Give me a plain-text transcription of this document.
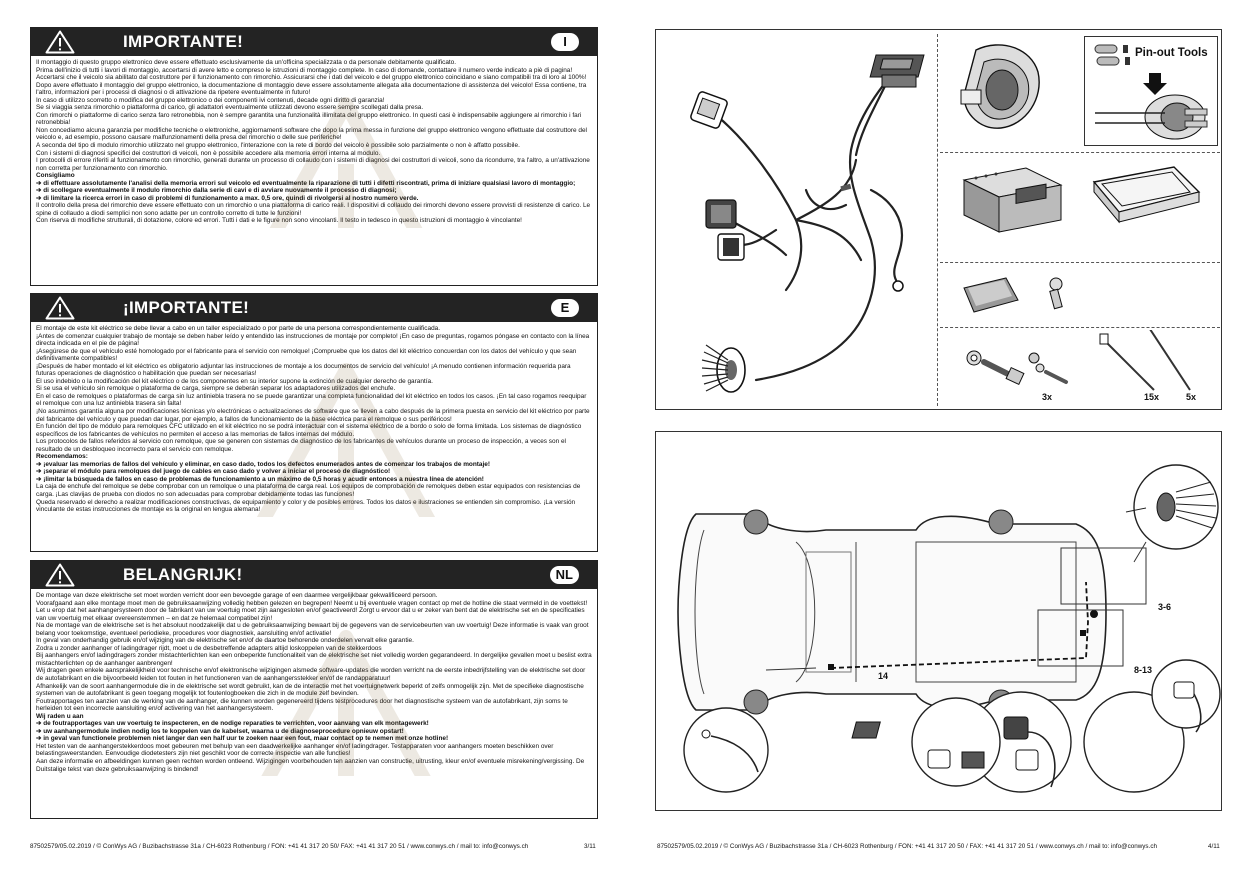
IMPORTANTE!	I

Il montaggio di questo gruppo elettronico deve essere effettuato esclusivamente da un'officina specializzata o da personale debitamente qualificato.

Prima dell'inizio di tutti i lavori di montaggio, accertarsi di avere letto e compreso le istruzioni di montaggio complete. In caso di domande, contattare il numero verde indicato a piè di pagina!

Accertarsi che il veicolo sia abilitato dal costruttore per il funzionamento con rimorchio. Assicurarsi che i dati del veicolo e del gruppo elettronico coincidano e siano compatibili tra di loro al 100%!

Dopo avere effettuato il montaggio del gruppo elettronico, la documentazione di montaggio deve essere assolutamente allegata alla documentazione di assistenza del veicolo! Essa contiene, tra l'altro, informazioni per i processi di diagnosi o di attivazione da ripetere eventualmente in futuro!

In caso di utilizzo scorretto o modifica del gruppo elettronico o dei componenti ivi contenuti, decade ogni diritto di garanzia!

Se si viaggia senza rimorchio o piattaforma di carico, gli adattatori eventualmente utilizzati devono essere sempre scollegati dalla presa.

Con rimorchi o piattaforme di carico senza faro retronebbia, non è sempre garantita una funzionalità illimitata del gruppo elettronico. In questi casi è indispensabile aggiungere al rimorchio i fari retronebbia!

Non concediamo alcuna garanzia per modifiche tecniche o elettroniche, aggiornamenti software che dopo la prima messa in funzione del gruppo elettronico vengono effettuate dal costruttore del veicolo e, ad esempio, possono causare malfunzionamenti della presa del rimorchio o delle sue periferiche!

A seconda del tipo di modulo rimorchio utilizzato nel gruppo elettronico, l'interazione con la rete di bordo del veicolo è possibile solo parzialmente o non è affatto possibile.

Con i sistemi di diagnosi specifici dei costruttori di veicoli, non è possibile accedere alla memoria errori interna al modulo.

I protocolli di errore riferiti al funzionamento con rimorchio, generati durante un processo di collaudo con i sistemi di diagnosi dei costruttori di veicoli, sono da ricondurre, tra l'altro, a un'attivazione non corretta per funzionamento con rimorchio.

Consigliamo

➔ di effettuare assolutamente l'analisi della memoria errori sul veicolo ed eventualmente la riparazione di tutti i difetti riscontrati, prima di iniziare qualsiasi lavoro di montaggio;

➔ di scollegare eventualmente il modulo rimorchio dalla serie di cavi e di avviare nuovamente il processo di diagnosi;

➔ di limitare la ricerca errori in caso di problemi di funzionamento a max. 0,5 ore, quindi di rivolgersi al nostro numero verde.

Il controllo della presa del rimorchio deve essere effettuato con un rimorchio o una piattaforma di carico reali. I dispositivi di collaudo dei rimorchi devono essere provvisti di resistenze di carico. Le spine di collaudo a diodi semplici non sono adatte per un controllo corretto di tutte le funzioni!

Con riserva di modifiche strutturali, di dotazione, colore ed errori. Tutti i dati e le figure non sono vincolanti. Il testo in tedesco in questo istruzioni di montaggio è vincolante!

¡IMPORTANTE!	E

El montaje de este kit eléctrico se debe llevar a cabo en un taller especializado o por parte de una persona correspondientemente cualificada.

¡Antes de comenzar cualquier trabajo de montaje se deben haber leído y entendido las instrucciones de montaje por completo! ¡En caso de preguntas, rogamos póngase en contacto con la línea directa indicada en el pie de página!

¡Asegúrese de que el vehículo esté homologado por el fabricante para el servicio con remolque! ¡Compruebe que los datos del kit eléctrico concuerdan con los datos del vehículo y que sean definitivamente compatibles!

¡Después de haber montado el kit eléctrico es obligatorio adjuntar las instrucciones de montaje a los documentos de servicio del vehículo! ¡A menudo contienen información requerida para futuras operaciones de diagnóstico o habilitación que puedan ser necesarias!

El uso indebido o la modificación del kit eléctrico o de los componentes en su interior supone la extinción de cualquier derecho de garantía.

Si se usa el vehículo sin remolque o plataforma de carga, siempre se deberán separar los adaptadores utilizados del enchufe.

En el caso de remolques o plataformas de carga sin luz antiniebla trasera no se puede garantizar una completa funcionalidad del kit eléctrico en todos los casos. ¡En tal caso rogamos reequipar el remolque con una luz antiniebla trasera sin falta!

¡No asumimos garantía alguna por modificaciones técnicas y/o electrónicas o actualizaciones de software que se lleven a cabo después de la primera puesta en servicio del kit eléctrico por parte del fabricante del vehículo y que puedan dar lugar, por ejemplo, a fallos de funcionamiento de la base eléctrica para el remolque o sus periféricos!

En función del tipo de módulo para remolques CFC utilizado en el kit eléctrico no se podrá interactuar con el sistema eléctrico de a bordo o solo de forma limitada. Los sistemas de diagnóstico específicos de los fabricantes de vehículos no permiten el acceso a las memorias de fallos internas del módulo.

Los protocolos de fallos referidos al servicio con remolque, que se generen con sistemas de diagnóstico de los fabricantes de vehículos durante un proceso de inspección, a veces son el resultado de un desbloqueo incorrecto para el servicio con remolque.

Recomendamos:

➔ ¡evaluar las memorias de fallos del vehículo y eliminar, en caso dado, todos los defectos enumerados antes de comenzar los trabajos de montaje!

➔ ¡separar el módulo para remolques del juego de cables en caso dado y volver a iniciar el proceso de diagnóstico!

➔ ¡limitar la búsqueda de fallos en caso de problemas de funcionamiento a un máximo de 0,5 horas y acudir entonces a nuestra línea de atención!

La caja de enchufe del remolque se debe comprobar con un remolque o una plataforma de carga real. Los equipos de comprobación de remolques deben estar equipados con resistencias de carga. ¡Las clavijas de prueba con diodos no son adecuadas para comprobar debidamente todas las funciones!

Queda reservado el derecho a realizar modificaciones constructivas, de equipamiento y color y de posibles errores. Todos los datos e ilustraciones se entienden sin compromiso. ¡La versión vinculante de estas instrucciones de montaje es la original en lengua alemana!

BELANGRIJK!	NL

De montage van deze elektrische set moet worden verricht door een bevoegde garage of een daarmee vergelijkbaar gekwalificeerd persoon.

Voorafgaand aan elke montage moet men de gebruiksaanwijzing volledig hebben gelezen en begrepen! Neemt u bij eventuele vragen contact op met de hotline die staat vermeld in de voettekst!

Let u erop dat het aanhangersysteem door de fabrikant van uw voertuig moet zijn aangesloten en/of geactiveerd! Zorgt u ervoor dat u er zeker van bent dat de elektrische set en de specificaties van uw voertuig met elkaar overeenstemmen – en dat ze helemaal compatibel zijn!

Na de montage van de elektrische set is het absoluut noodzakelijk dat u de gebruiksaanwijzing bewaart bij de gegevens van de servicebeurten van uw voertuig! Deze informatie is vaak van groot belang voor toekomstige, eventueel periodieke, procedures voor diagnostiek, aansluiting en/of activatie!

In geval van onderhandig gebruik en/of wijziging van de elektrische set en/of de daartoe behorende onderdelen vervalt elke garantie.

Zodra u zonder aanhanger of ladingdrager rijdt, moet u de desbetreffende adapters altijd loskoppelen van de stekkerdoos

Bij aanhangers en/of ladingdragers zonder mistachterlichten kan een onbeperkte functionaliteit van de elektrische set niet volledig worden gegarandeerd. In dergelijke gevallen moet u beslist extra mistachterlichten op de aanhanger aanbrengen!

Wij dragen geen enkele aansprakelijkheid voor technische en/of elektronische wijzigingen alsmede software-updates die worden verricht na de eerste inbedrijfstelling van de elektrische set door de autofabrikant en die bijvoorbeeld leiden tot fouten in het functioneren van de aanhangersstekker en/of de randapparatuur!

Afhankelijk van de soort aanhangermodule die in de elektrische set wordt gebruikt, kan de de interactie met het voertuignetwerk beperkt of zelfs onmogelijk zijn. Met de specifieke diagnostische systemen van de autofabrikant is geen toegang mogelijk tot foutenlogboeken die zich in de module zelf bevinden.

Foutrapportages ten aanzien van de werking van de aanhanger, die kunnen worden gegenereerd tijdens testprocedures door het diagnostische systeem van de autofabrikant, zijn soms te herleiden tot een incorrecte aansluiting en/of activering van het aanhangersysteem.

Wij raden u aan

➔ de foutrapportages van uw voertuig te inspecteren, en de nodige reparaties te verrichten, voor aanvang van elk montagewerk!

➔ uw aanhangermodule indien nodig los te koppelen van de kabelset, waarna u de diagnoseprocedure opnieuw opstart!

➔ in geval van functionele problemen niet langer dan een half uur te zoeken naar een fout, maar contact op te nemen met onze hotline!

Het testen van de aanhangerstekkerdoos moet gebeuren met behulp van een daadwerkelijke aanhanger en/of ladingdrager. Testapparaten voor aanhangers moeten beschikken over belastingsweerstanden. Eenvoudige diodetesters zijn niet geschikt voor de correcte inspectie van alle functies!

Aan deze informatie en afbeeldingen kunnen geen rechten worden ontleend. Wijzigingen voorbehouden ten aanzien van constructie, uitrusting, kleur en/of eventuele misrekening/vergissing. De Duitstalige tekst van deze gebruiksaanwijzing is bindend!

87502579/05.02.2019 / © ConWys AG / Buzibachstrasse 31a / CH-6023 Rothenburg / FON: +41 41 317 20 50/ FAX: +41 41 317 20 51 / www.conwys.ch / mail to: info@conwys.ch	3/11
Pin-out Tools
3x	15x	5x
3-6
8-13
14
87502579/05.02.2019 / © ConWys AG / Buzibachstrasse 31a / CH-6023 Rothenburg / FON: +41 41 317 20 50 / FAX: +41 41 317 20 51 / www.conwys.ch / mail to: info@conwys.ch	4/11
